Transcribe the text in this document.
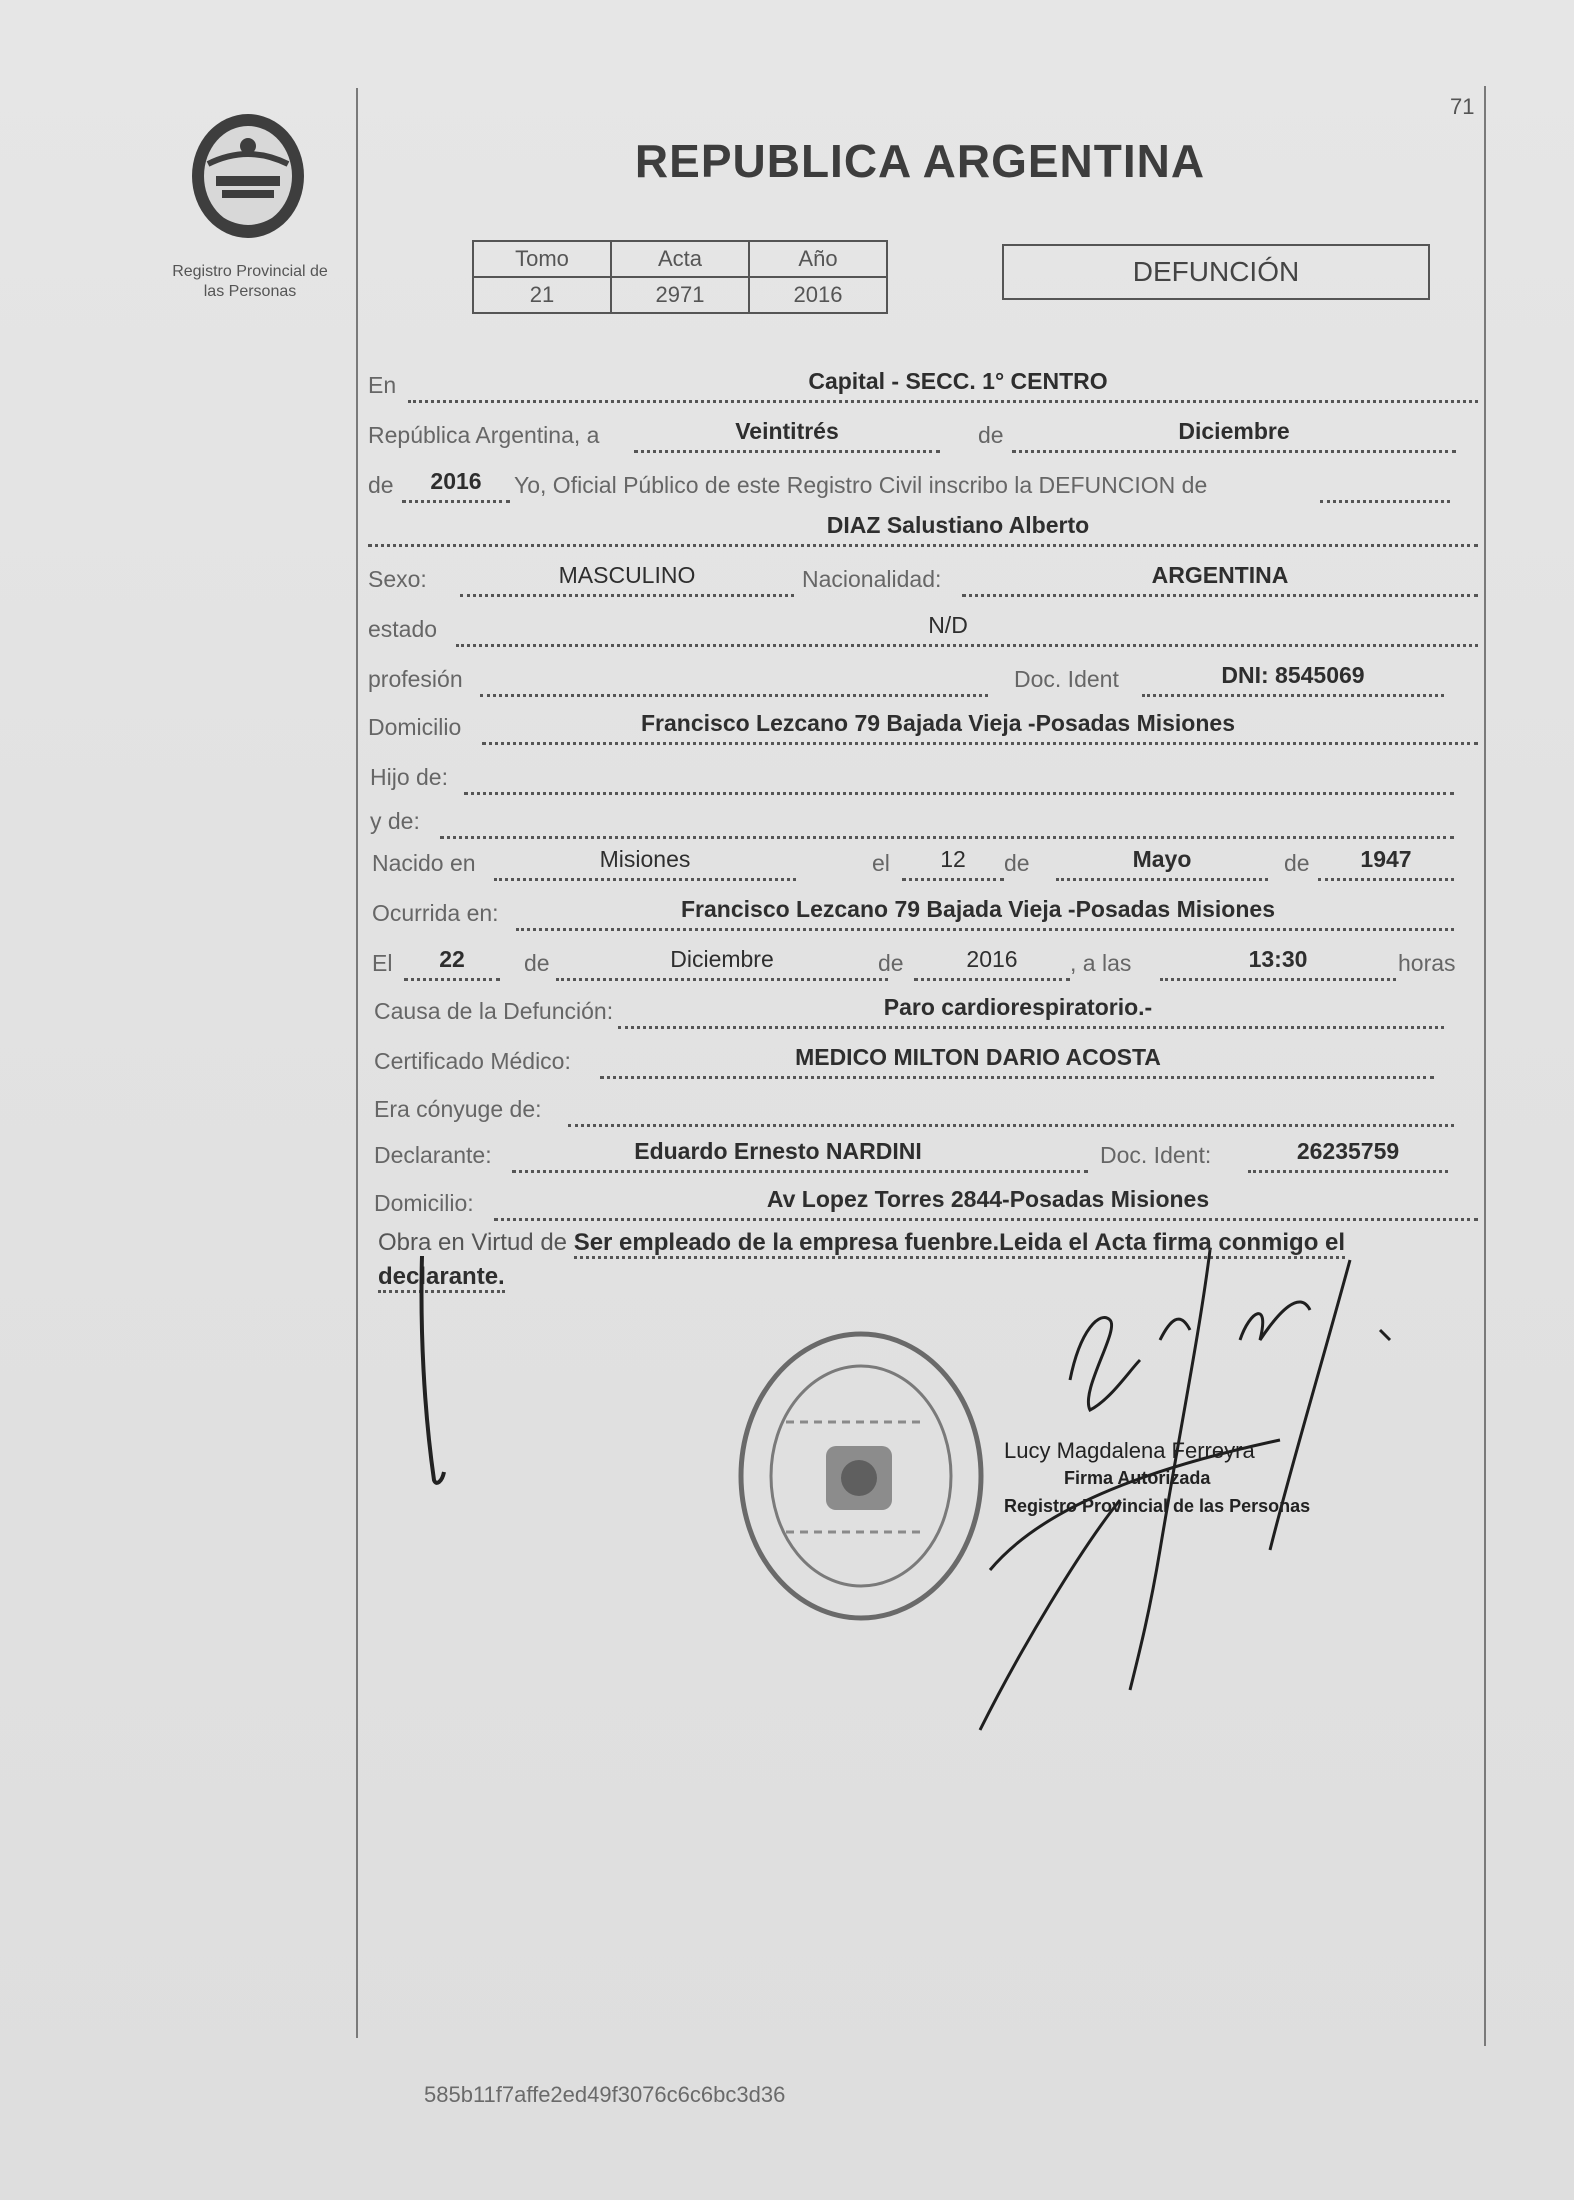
Registro Provincial de
las Personas
71
REPUBLICA ARGENTINA
Tomo	Acta	Año
21	2971	2016
DEFUNCIÓN
En	Capital - SECC. 1° CENTRO
República Argentina, a	Veintitrés	de	Diciembre
de	2016	Yo, Oficial Público de este Registro Civil inscribo la DEFUNCION de
DIAZ Salustiano Alberto
Sexo:	MASCULINO	Nacionalidad:	ARGENTINA
estado	N/D
profesión	Doc. Ident	DNI: 8545069
Domicilio	Francisco Lezcano 79 Bajada Vieja -Posadas Misiones
Hijo de:
y de:
Nacido en	Misiones	el	12	de	Mayo	de	1947
Ocurrida en:	Francisco Lezcano 79 Bajada Vieja -Posadas Misiones
El	22	de	Diciembre	de	2016	, a las	13:30	horas
Causa de la Defunción:	Paro cardiorespiratorio.-
Certificado Médico:	MEDICO MILTON DARIO ACOSTA
Era cónyuge de:
Declarante:	Eduardo Ernesto NARDINI	Doc. Ident:	26235759
Domicilio:	Av Lopez Torres 2844-Posadas Misiones
Obra en Virtud de Ser empleado de la empresa fuenbre.Leida el Acta firma conmigo el declarante.
Lucy Magdalena Ferreyra
Firma Autorizada
Registro Provincial de las Personas
585b11f7affe2ed49f3076c6c6bc3d36
